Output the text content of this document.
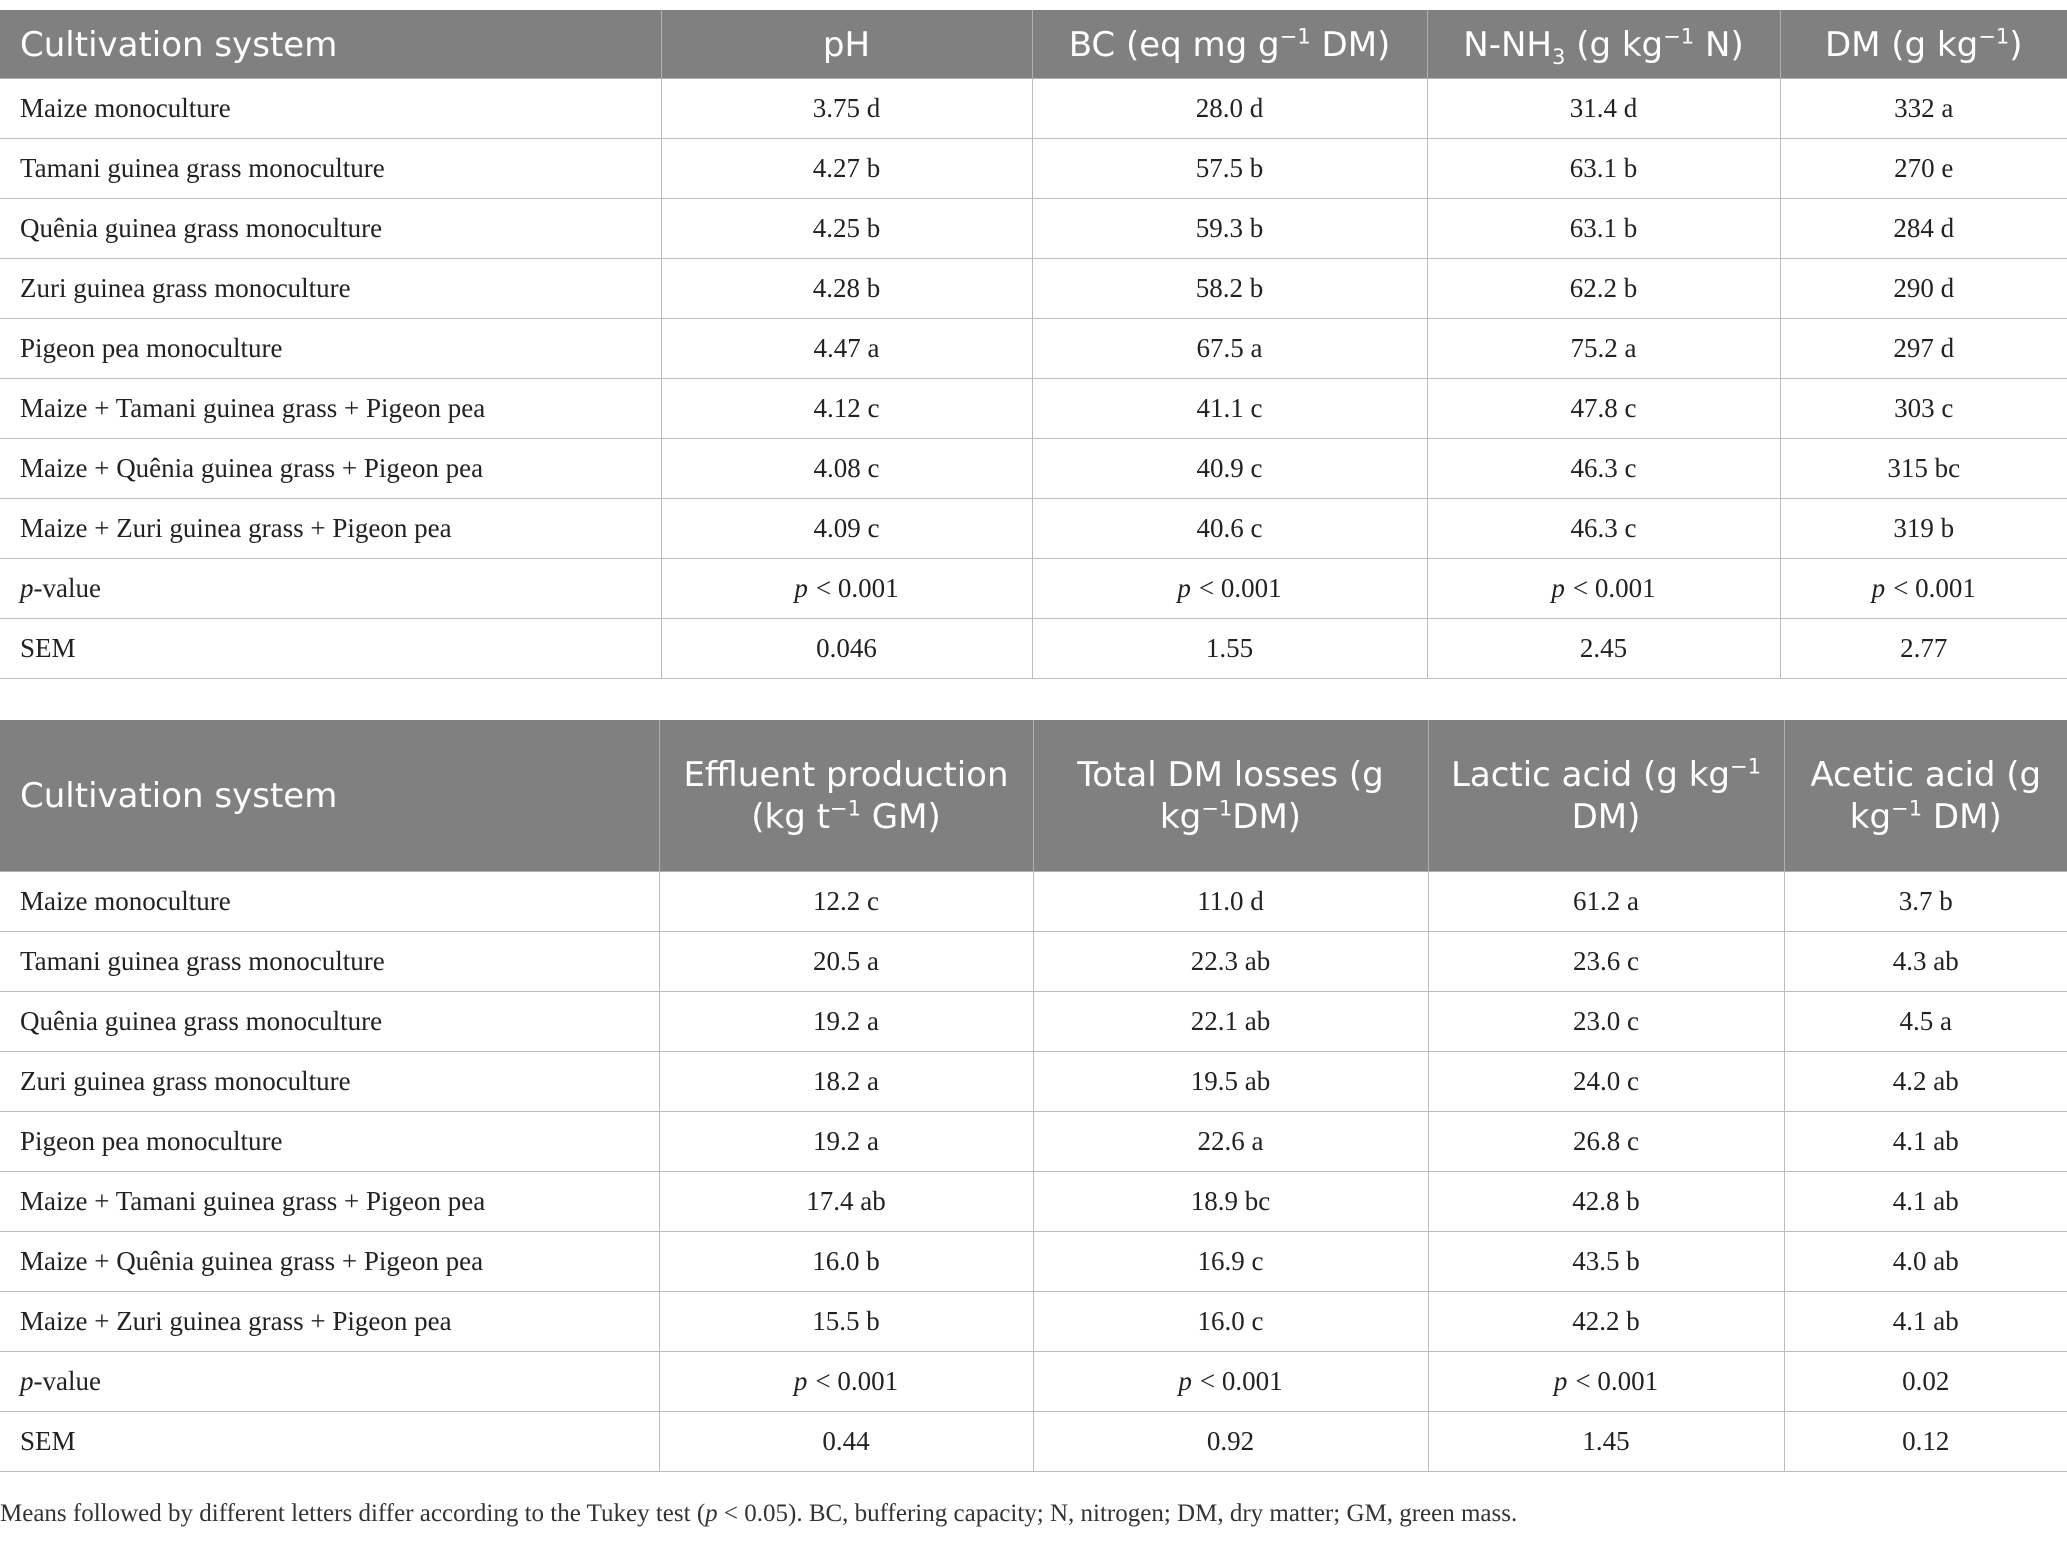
Cultivation system	pH	BC (eq mg $g^{-1}$ DM)	$N-NH_3$ (g $kg^{-1}$ N)	DM (g $kg^{-1}$)
Maize monoculture	3.75 d	28.0 d	31.4 d	332 a
Tamani guinea grass monoculture	4.27 b	57.5 b	63.1 b	270 e
Quênia guinea grass monoculture	4.25 b	59.3 b	63.1 b	284 d
Zuri guinea grass monoculture	4.28 b	58.2 b	62.2 b	290 d
Pigeon pea monoculture	4.47 a	67.5 a	75.2 a	297 d
Maize + Tamani guinea grass + Pigeon pea	4.12 c	41.1 c	47.8 c	303 c
Maize + Quênia guinea grass + Pigeon pea	4.08 c	40.9 c	46.3 c	315 bc
Maize + Zuri guinea grass + Pigeon pea	4.09 c	40.6 c	46.3 c	319 b
p-value	p < 0.001	p < 0.001	p < 0.001	p < 0.001
SEM	0.046	1.55	2.45	2.77
Cultivation system	Effluent production (kg $t^{-1}$ GM)	Total DM losses (g $kg^{-1}DM$)	Lactic acid (g $kg^{-1}$ DM)	Acetic acid (g $kg^{-1}$ DM)
Maize monoculture	12.2 c	11.0 d	61.2 a	3.7 b
Tamani guinea grass monoculture	20.5 a	22.3 ab	23.6 c	4.3 ab
Quênia guinea grass monoculture	19.2 a	22.1 ab	23.0 c	4.5 a
Zuri guinea grass monoculture	18.2 a	19.5 ab	24.0 c	4.2 ab
Pigeon pea monoculture	19.2 a	22.6 a	26.8 c	4.1 ab
Maize + Tamani guinea grass + Pigeon pea	17.4 ab	18.9 bc	42.8 b	4.1 ab
Maize + Quênia guinea grass + Pigeon pea	16.0 b	16.9 c	43.5 b	4.0 ab
Maize + Zuri guinea grass + Pigeon pea	15.5 b	16.0 c	42.2 b	4.1 ab
p-value	p < 0.001	p < 0.001	p < 0.001	0.02
SEM	0.44	0.92	1.45	0.12
Means followed by different letters differ according to the Tukey test (p < 0.05). BC, buffering capacity; N, nitrogen; DM, dry matter; GM, green mass.
